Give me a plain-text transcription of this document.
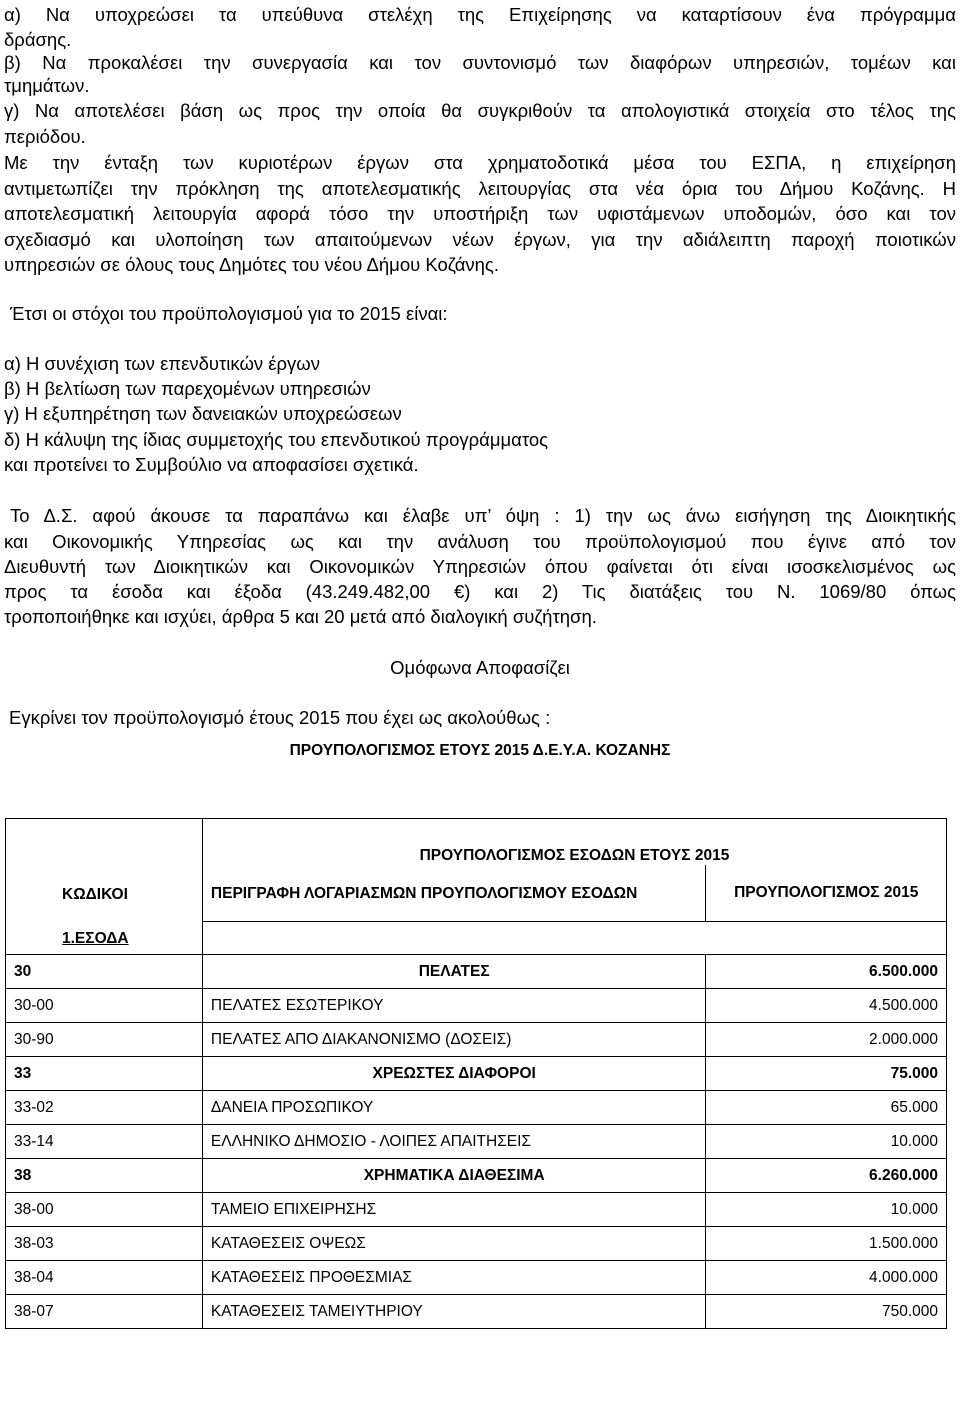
α) Να υποχρεώσει τα υπεύθυνα στελέχη της Επιχείρησης να καταρτίσουν ένα πρόγραμμα
δράσης.
β) Να προκαλέσει την συνεργασία και τον συντονισμό των διαφόρων υπηρεσιών, τομέων και
τμημάτων.
γ) Να αποτελέσει βάση ως προς την οποία θα συγκριθούν τα απολογιστικά στοιχεία στο τέλος της
περιόδου.
Με την ένταξη των κυριοτέρων έργων στα χρηματοδοτικά μέσα του ΕΣΠΑ, η επιχείρηση
αντιμετωπίζει την πρόκληση της αποτελεσματικής λειτουργίας στα νέα όρια του Δήμου Κοζάνης. Η
αποτελεσματική λειτουργία αφορά τόσο την υποστήριξη των υφιστάμενων υποδομών, όσο και τον
σχεδιασμό και υλοποίηση των απαιτούμενων νέων έργων, για την αδιάλειπτη παροχή ποιοτικών
υπηρεσιών σε όλους τους Δημότες του νέου Δήμου Κοζάνης.
Έτσι οι στόχοι του προϋπολογισμού για το 2015 είναι:
α) Η συνέχιση των επενδυτικών έργων
β) Η βελτίωση των παρεχομένων υπηρεσιών
γ) Η εξυπηρέτηση των δανειακών υποχρεώσεων
δ) Η κάλυψη της ίδιας συμμετοχής του επενδυτικού προγράμματος
και προτείνει το Συμβούλιο να αποφασίσει σχετικά.
Το Δ.Σ. αφού άκουσε τα παραπάνω και έλαβε υπ’ όψη : 1) την ως άνω εισήγηση της Διοικητικής
και Οικονομικής Υπηρεσίας ως και την ανάλυση του προϋπολογισμού που έγινε από τον
Διευθυντή των Διοικητικών και Οικονομικών Υπηρεσιών όπου φαίνεται ότι είναι ισοσκελισμένος ως
προς τα έσοδα και έξοδα (43.249.482,00 €) και 2) Τις διατάξεις του Ν. 1069/80 όπως
τροποποιήθηκε και ισχύει, άρθρα 5 και 20 μετά από διαλογική συζήτηση.
Ομόφωνα Αποφασίζει
Εγκρίνει τον προϋπολογισμό έτους 2015 που έχει ως ακολούθως :
ΠΡΟΥΠΟΛΟΓΙΣΜΟΣ ΕΤΟΥΣ 2015 Δ.Ε.Υ.Α. ΚΟΖΑΝΗΣ
ΚΩΔΙΚΟΙ
1.ΕΣΟΔΑ	ΠΡΟΥΠΟΛΟΓΙΣΜΟΣ ΕΣΟΔΩΝ ΕΤΟΥΣ 2015	

	ΠΕΡΙΓΡΑΦΗ ΛΟΓΑΡΙΑΣΜΩΝ ΠΡΟΥΠΟΛΟΓΙΣΜΟΥ ΕΣΟΔΩΝ	ΠΡΟΥΠΟΛΟΓΙΣΜΟΣ 2015

30	ΠΕΛΑΤΕΣ	6.500.000
30-00	ΠΕΛΑΤΕΣ ΕΣΩΤΕΡΙΚΟΥ	4.500.000
30-90	ΠΕΛΑΤΕΣ ΑΠΟ ΔΙΑΚΑΝΟΝΙΣΜΟ (ΔΟΣΕΙΣ)	2.000.000
33	ΧΡΕΩΣΤΕΣ ΔΙΑΦΟΡΟΙ	75.000
33-02	ΔΑΝΕΙΑ ΠΡΟΣΩΠΙΚΟΥ	65.000
33-14	ΕΛΛΗΝΙΚΟ ΔΗΜΟΣΙΟ - ΛΟΙΠΕΣ ΑΠΑΙΤΗΣΕΙΣ	10.000
38	ΧΡΗΜΑΤΙΚΑ ΔΙΑΘΕΣΙΜΑ	6.260.000
38-00	ΤΑΜΕΙΟ ΕΠΙΧΕΙΡΗΣΗΣ	10.000
38-03	ΚΑΤΑΘΕΣΕΙΣ ΟΨΕΩΣ	1.500.000
38-04	ΚΑΤΑΘΕΣΕΙΣ ΠΡΟΘΕΣΜΙΑΣ	4.000.000
38-07	ΚΑΤΑΘΕΣΕΙΣ ΤΑΜΕΙΥΤΗΡΙΟΥ	750.000
